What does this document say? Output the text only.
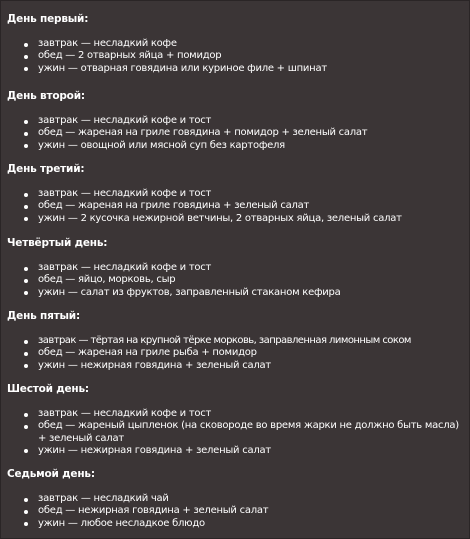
День первый:
завтрак — несладкий кофе
обед — 2 отварных яйца + помидор
ужин — отварная говядина или куриное филе + шпинат
День второй:
завтрак — несладкий кофе и тост
обед — жареная на гриле говядина + помидор + зеленый салат
ужин — овощной или мясной суп без картофеля
День третий:
завтрак — несладкий кофе и тост
обед — жареная на гриле говядина + зеленый салат
ужин — 2 кусочка нежирной ветчины, 2 отварных яйца, зеленый салат
Четвёртый день:
завтрак — несладкий кофе и тост
обед — яйцо, морковь, сыр
ужин — салат из фруктов, заправленный стаканом кефира
День пятый:
завтрак — тёртая на крупной тёрке морковь, заправленная лимонным соком
обед — жареная на гриле рыба + помидор
ужин — нежирная говядина + зеленый салат
Шестой день:
завтрак — несладкий кофе и тост
обед — жареный цыпленок (на сковороде во время жарки не должно быть масла) + зеленый салат
ужин — нежирная говядина + зеленый салат
Седьмой день:
завтрак — несладкий чай
обед — нежирная говядина + зеленый салат
ужин — любое несладкое блюдо
